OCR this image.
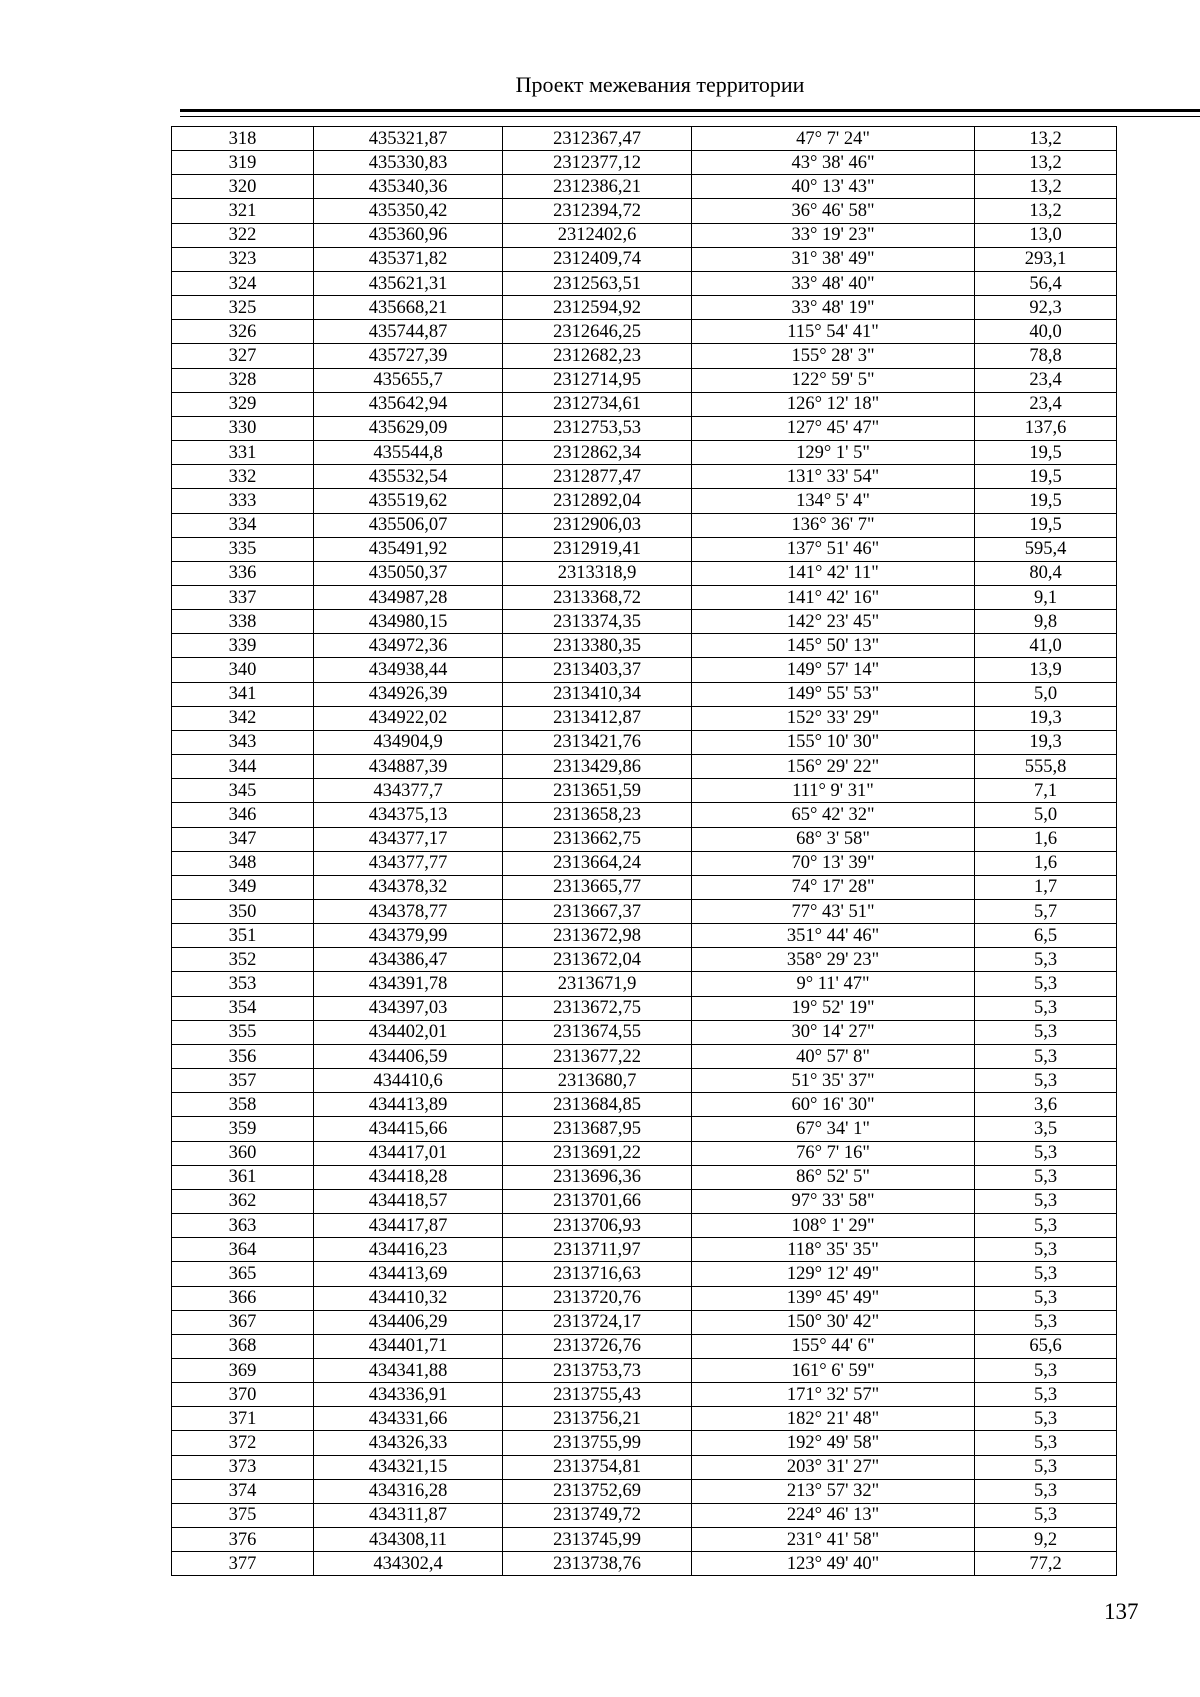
Проект межевания территории
318	435321,87	2312367,47	47° 7' 24"	13,2
319	435330,83	2312377,12	43° 38' 46"	13,2
320	435340,36	2312386,21	40° 13' 43"	13,2
321	435350,42	2312394,72	36° 46' 58"	13,2
322	435360,96	2312402,6	33° 19' 23"	13,0
323	435371,82	2312409,74	31° 38' 49"	293,1
324	435621,31	2312563,51	33° 48' 40"	56,4
325	435668,21	2312594,92	33° 48' 19"	92,3
326	435744,87	2312646,25	115° 54' 41"	40,0
327	435727,39	2312682,23	155° 28' 3"	78,8
328	435655,7	2312714,95	122° 59' 5"	23,4
329	435642,94	2312734,61	126° 12' 18"	23,4
330	435629,09	2312753,53	127° 45' 47"	137,6
331	435544,8	2312862,34	129° 1' 5"	19,5
332	435532,54	2312877,47	131° 33' 54"	19,5
333	435519,62	2312892,04	134° 5' 4"	19,5
334	435506,07	2312906,03	136° 36' 7"	19,5
335	435491,92	2312919,41	137° 51' 46"	595,4
336	435050,37	2313318,9	141° 42' 11"	80,4
337	434987,28	2313368,72	141° 42' 16"	9,1
338	434980,15	2313374,35	142° 23' 45"	9,8
339	434972,36	2313380,35	145° 50' 13"	41,0
340	434938,44	2313403,37	149° 57' 14"	13,9
341	434926,39	2313410,34	149° 55' 53"	5,0
342	434922,02	2313412,87	152° 33' 29"	19,3
343	434904,9	2313421,76	155° 10' 30"	19,3
344	434887,39	2313429,86	156° 29' 22"	555,8
345	434377,7	2313651,59	111° 9' 31"	7,1
346	434375,13	2313658,23	65° 42' 32"	5,0
347	434377,17	2313662,75	68° 3' 58"	1,6
348	434377,77	2313664,24	70° 13' 39"	1,6
349	434378,32	2313665,77	74° 17' 28"	1,7
350	434378,77	2313667,37	77° 43' 51"	5,7
351	434379,99	2313672,98	351° 44' 46"	6,5
352	434386,47	2313672,04	358° 29' 23"	5,3
353	434391,78	2313671,9	9° 11' 47"	5,3
354	434397,03	2313672,75	19° 52' 19"	5,3
355	434402,01	2313674,55	30° 14' 27"	5,3
356	434406,59	2313677,22	40° 57' 8"	5,3
357	434410,6	2313680,7	51° 35' 37"	5,3
358	434413,89	2313684,85	60° 16' 30"	3,6
359	434415,66	2313687,95	67° 34' 1"	3,5
360	434417,01	2313691,22	76° 7' 16"	5,3
361	434418,28	2313696,36	86° 52' 5"	5,3
362	434418,57	2313701,66	97° 33' 58"	5,3
363	434417,87	2313706,93	108° 1' 29"	5,3
364	434416,23	2313711,97	118° 35' 35"	5,3
365	434413,69	2313716,63	129° 12' 49"	5,3
366	434410,32	2313720,76	139° 45' 49"	5,3
367	434406,29	2313724,17	150° 30' 42"	5,3
368	434401,71	2313726,76	155° 44' 6"	65,6
369	434341,88	2313753,73	161° 6' 59"	5,3
370	434336,91	2313755,43	171° 32' 57"	5,3
371	434331,66	2313756,21	182° 21' 48"	5,3
372	434326,33	2313755,99	192° 49' 58"	5,3
373	434321,15	2313754,81	203° 31' 27"	5,3
374	434316,28	2313752,69	213° 57' 32"	5,3
375	434311,87	2313749,72	224° 46' 13"	5,3
376	434308,11	2313745,99	231° 41' 58"	9,2
377	434302,4	2313738,76	123° 49' 40"	77,2
137
